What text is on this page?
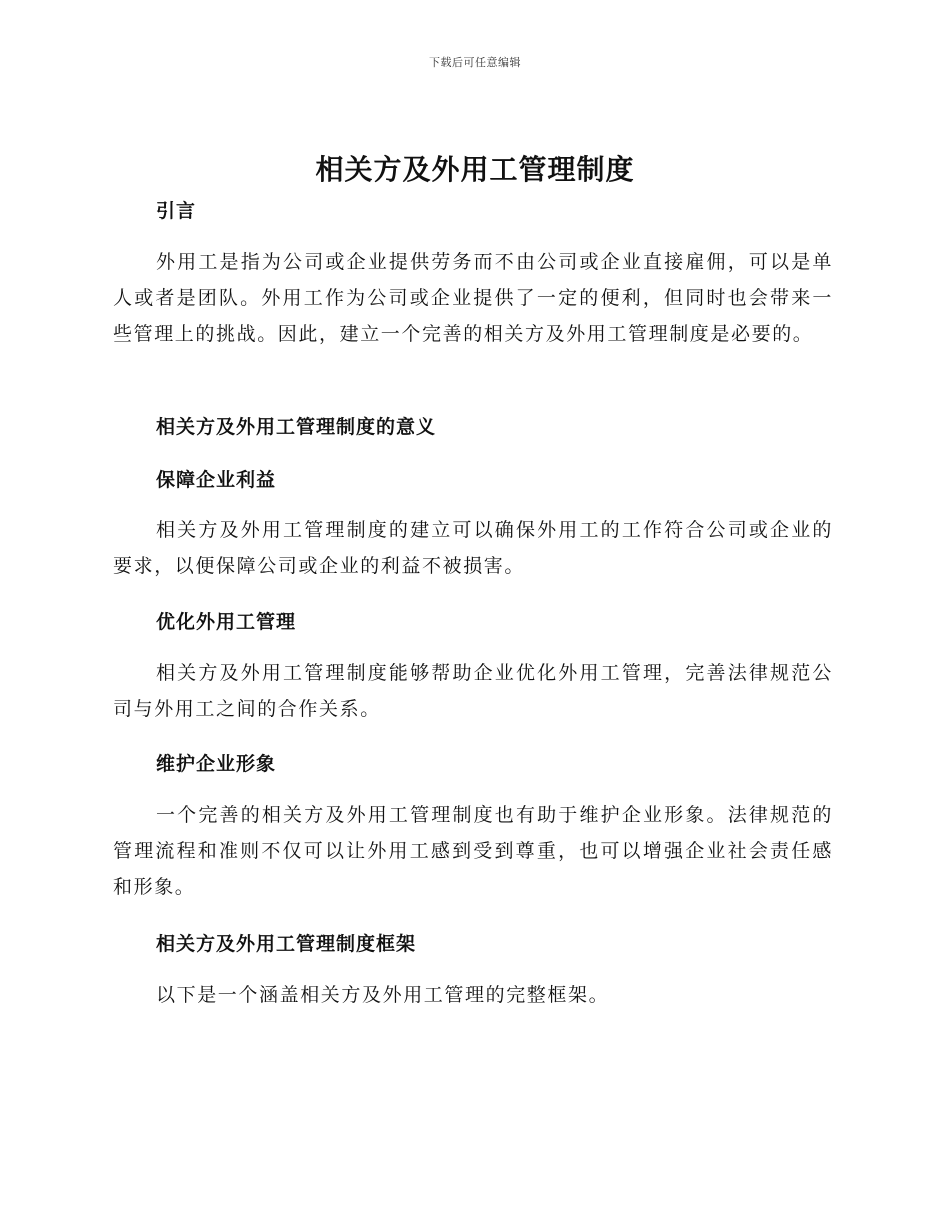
下载后可任意编辑
相关方及外用工管理制度
引言

外用工是指为公司或企业提供劳务而不由公司或企业直接雇佣，可以是单人或者是团队。外用工作为公司或企业提供了一定的便利，但同时也会带来一些管理上的挑战。因此，建立一个完善的相关方及外用工管理制度是必要的。

相关方及外用工管理制度的意义
保障企业利益

相关方及外用工管理制度的建立可以确保外用工的工作符合公司或企业的要求，以便保障公司或企业的利益不被损害。

优化外用工管理

相关方及外用工管理制度能够帮助企业优化外用工管理，完善法律规范公司与外用工之间的合作关系。

维护企业形象

一个完善的相关方及外用工管理制度也有助于维护企业形象。法律规范的管理流程和准则不仅可以让外用工感到受到尊重，也可以增强企业社会责任感和形象。

相关方及外用工管理制度框架

以下是一个涵盖相关方及外用工管理的完整框架。
